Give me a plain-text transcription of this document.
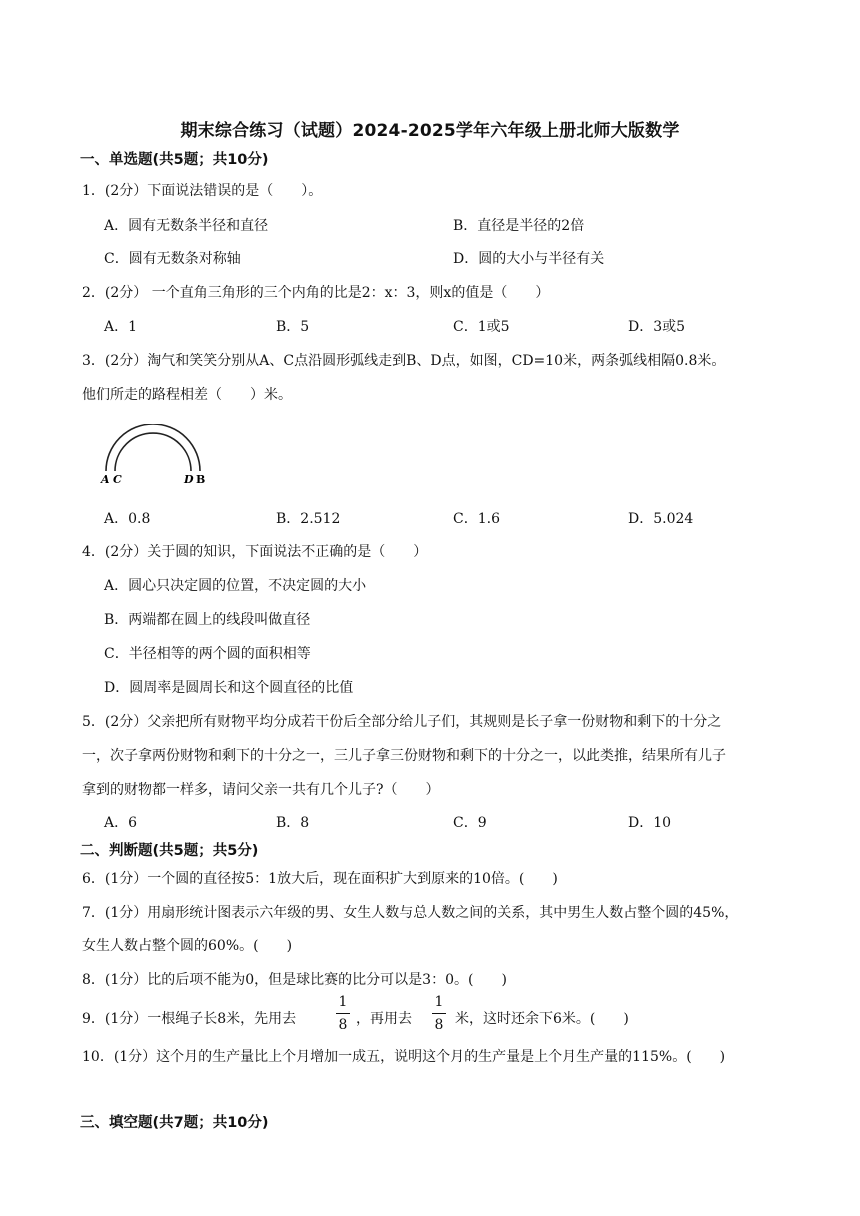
期末综合练习（试题）2024-2025学年六年级上册北师大版数学
一、单选题(共5题；共10分)
1．(2分）下面说法错误的是（　　）。
A．圆有无数条半径和直径	B．直径是半径的2倍
C．圆有无数条对称轴	D．圆的大小与半径有关
2．(2分） 一个直角三角形的三个内角的比是2：x：3，则x的值是（　　）
A．1	B．5	C．1或5	D．3或5
3．(2分）淘气和笑笑分别从A、C点沿圆形弧线走到B、D点，如图，CD=10米，两条弧线相隔0.8米。
他们所走的路程相差（　　）米。
A C	D B
A．0.8	B．2.512	C．1.6	D．5.024
4．(2分）关于圆的知识，下面说法不正确的是（　　）
A．圆心只决定圆的位置，不决定圆的大小
B．两端都在圆上的线段叫做直径
C．半径相等的两个圆的面积相等
D．圆周率是圆周长和这个圆直径的比值
5．(2分）父亲把所有财物平均分成若干份后全部分给儿子们，其规则是长子拿一份财物和剩下的十分之
一，次子拿两份财物和剩下的十分之一，三儿子拿三份财物和剩下的十分之一，以此类推，结果所有儿子
拿到的财物都一样多，请问父亲一共有几个儿子?（　　）
A．6	B．8	C．9	D．10
二、判断题(共5题；共5分)
6．(1分）一个圆的直径按5：1放大后，现在面积扩大到原来的10倍。(　　)
7．(1分）用扇形统计图表示六年级的男、女生人数与总人数之间的关系，其中男生人数占整个圆的45%，
女生人数占整个圆的60%。(　　)
8．(1分）比的后项不能为0，但是球比赛的比分可以是3：0。(　　)
9．(1分）一根绳子长8米，先用去
1
8 ，再用去
1
8 米，这时还余下6米。(　　)
10．(1分）这个月的生产量比上个月增加一成五，说明这个月的生产量是上个月生产量的115%。(　　)
三、填空题(共7题；共10分)
